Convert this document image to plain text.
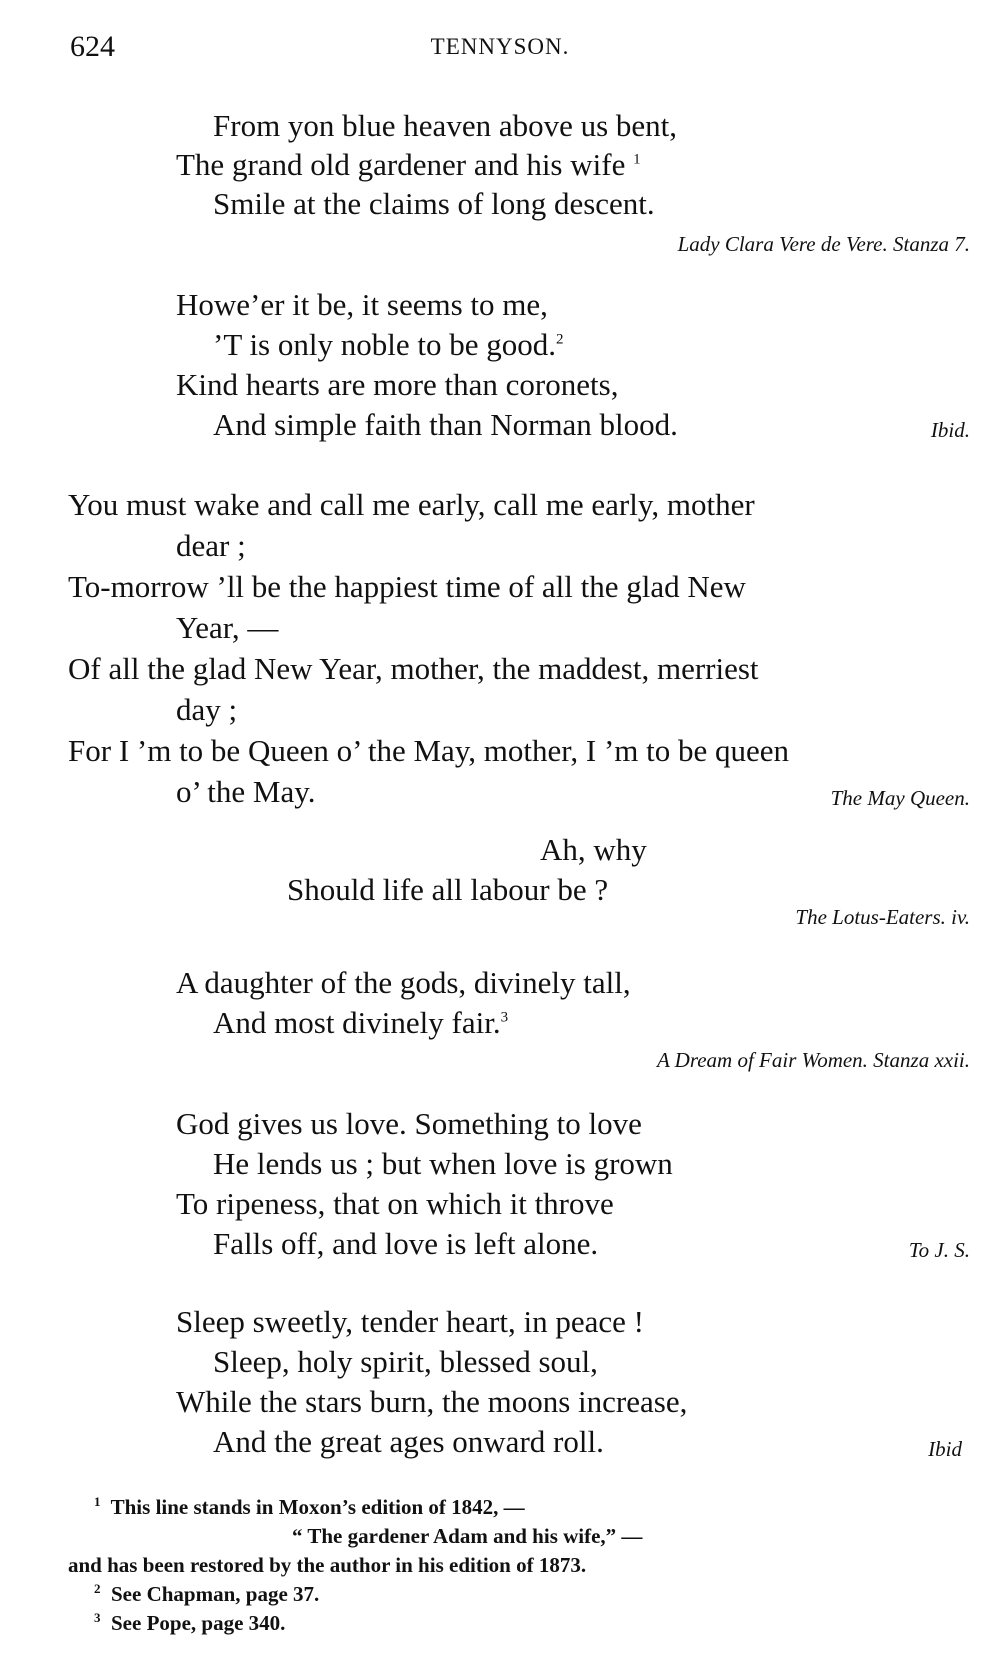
624	TENNYSON.
From yon blue heaven above us bent,
The grand old gardener and his wife $^1$
Smile at the claims of long descent.
Lady Clara Vere de Vere. Stanza 7.
Howe’er it be, it seems to me,
’T is only noble to be good.$^2$
Kind hearts are more than coronets,
And simple faith than Norman blood.	Ibid.
You must wake and call me early, call me early, mother
dear ;
To-morrow ’ll be the happiest time of all the glad New
Year, —
Of all the glad New Year, mother, the maddest, merriest
day ;
For I ’m to be Queen o’ the May, mother, I ’m to be queen
o’ the May.	The May Queen.
Ah, why
Should life all labour be ?
The Lotus-Eaters. iv.
A daughter of the gods, divinely tall,
And most divinely fair.$^3$
A Dream of Fair Women. Stanza xxii.
God gives us love. Something to love
He lends us ; but when love is grown
To ripeness, that on which it throve
Falls off, and love is left alone.	To J. S.
Sleep sweetly, tender heart, in peace !
Sleep, holy spirit, blessed soul,
While the stars burn, the moons increase,
And the great ages onward roll.	Ibid
$^1$ This line stands in Moxon’s edition of 1842, —
“ The gardener Adam and his wife,” —
and has been restored by the author in his edition of 1873.
$^2$ See Chapman, page 37.
$^3$ See Pope, page 340.
